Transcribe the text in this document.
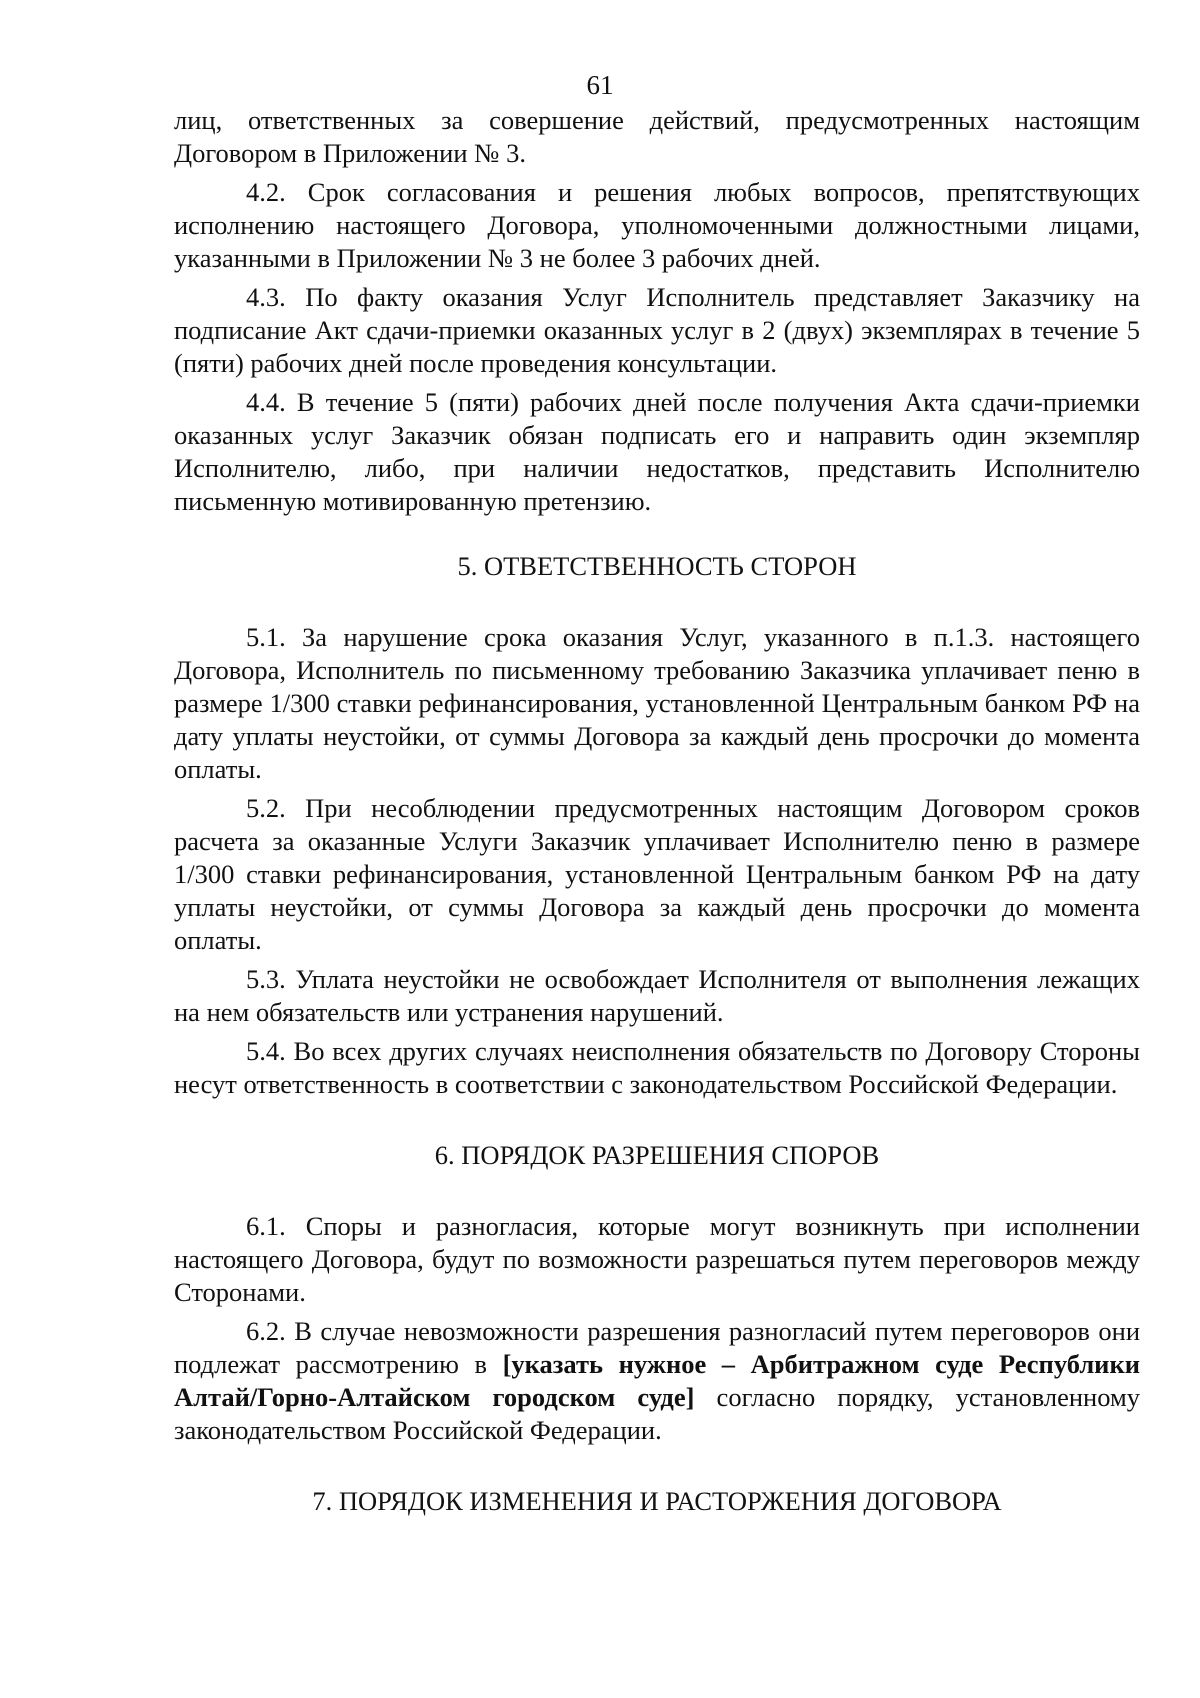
61

лиц, ответственных за совершение действий, предусмотренных настоящим Договором в Приложении № 3.

4.2. Срок согласования и решения любых вопросов, препятствующих исполнению настоящего Договора, уполномоченными должностными лицами, указанными в Приложении № 3 не более 3 рабочих дней.

4.3. По факту оказания Услуг Исполнитель представляет Заказчику на подписание Акт сдачи-приемки оказанных услуг в 2 (двух) экземплярах в течение 5 (пяти) рабочих дней после проведения консультации.

4.4. В течение 5 (пяти) рабочих дней после получения Акта сдачи-приемки оказанных услуг Заказчик обязан подписать его и направить один экземпляр Исполнителю, либо, при наличии недостатков, представить Исполнителю письменную мотивированную претензию.

5. ОТВЕТСТВЕННОСТЬ СТОРОН

5.1. За нарушение срока оказания Услуг, указанного в п.1.3. настоящего Договора, Исполнитель по письменному требованию Заказчика уплачивает пеню в размере 1/300 ставки рефинансирования, установленной Центральным банком РФ на дату уплаты неустойки, от суммы Договора за каждый день просрочки до момента оплаты.

5.2. При несоблюдении предусмотренных настоящим Договором сроков расчета за оказанные Услуги Заказчик уплачивает Исполнителю пеню в размере 1/300 ставки рефинансирования, установленной Центральным банком РФ на дату уплаты неустойки, от суммы Договора за каждый день просрочки до момента оплаты.

5.3. Уплата неустойки не освобождает Исполнителя от выполнения лежащих на нем обязательств или устранения нарушений.

5.4. Во всех других случаях неисполнения обязательств по Договору Стороны несут ответственность в соответствии с законодательством Российской Федерации.

6. ПОРЯДОК РАЗРЕШЕНИЯ СПОРОВ

6.1. Споры и разногласия, которые могут возникнуть при исполнении настоящего Договора, будут по возможности разрешаться путем переговоров между Сторонами.

6.2. В случае невозможности разрешения разногласий путем переговоров они подлежат рассмотрению в [указать нужное – Арбитражном суде Республики Алтай/Горно-Алтайском городском суде] согласно порядку, установленному законодательством Российской Федерации.

7. ПОРЯДОК ИЗМЕНЕНИЯ И РАСТОРЖЕНИЯ ДОГОВОРА
